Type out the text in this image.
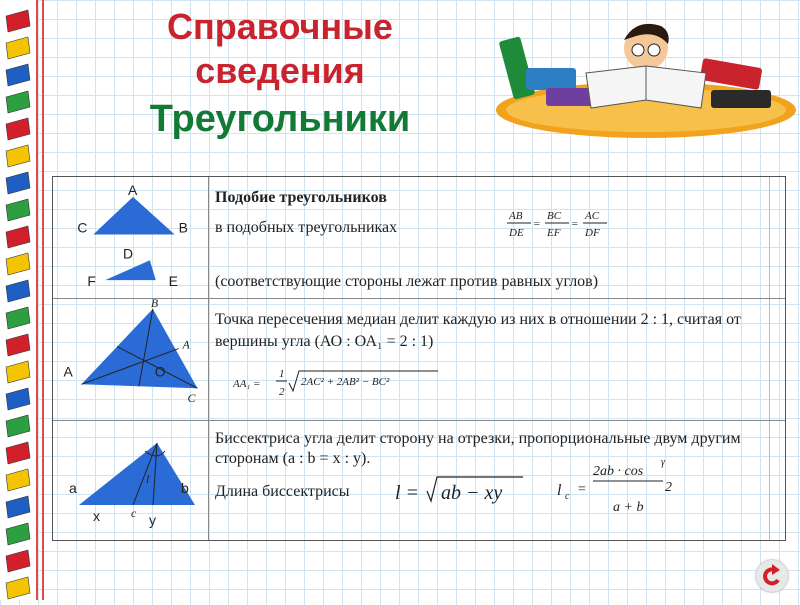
Справочные
сведения
Треугольники
A
C	B
D
F	E
Подобие треугольников
в подобных треугольниках
(соответствующие стороны лежат против равных углов)
AB
DE
=
BC
EF
=
AC
DF
B
A	O
A
C
Точка пересечения медиан делит каждую из них в отношении 2 : 1, считая от вершины угла (АО : ОА₁ = 2 : 1)
AA₁ =
1
2
2AC² + 2AB² − BC²
l
a	b
x	c y
Биссектриса угла делит сторону на отрезки, пропорциональные двум другим сторонам (a : b = x : y).
Длина биссектрисы l = ab − xy	l c =
2ab · cos
γ
2
a + b
